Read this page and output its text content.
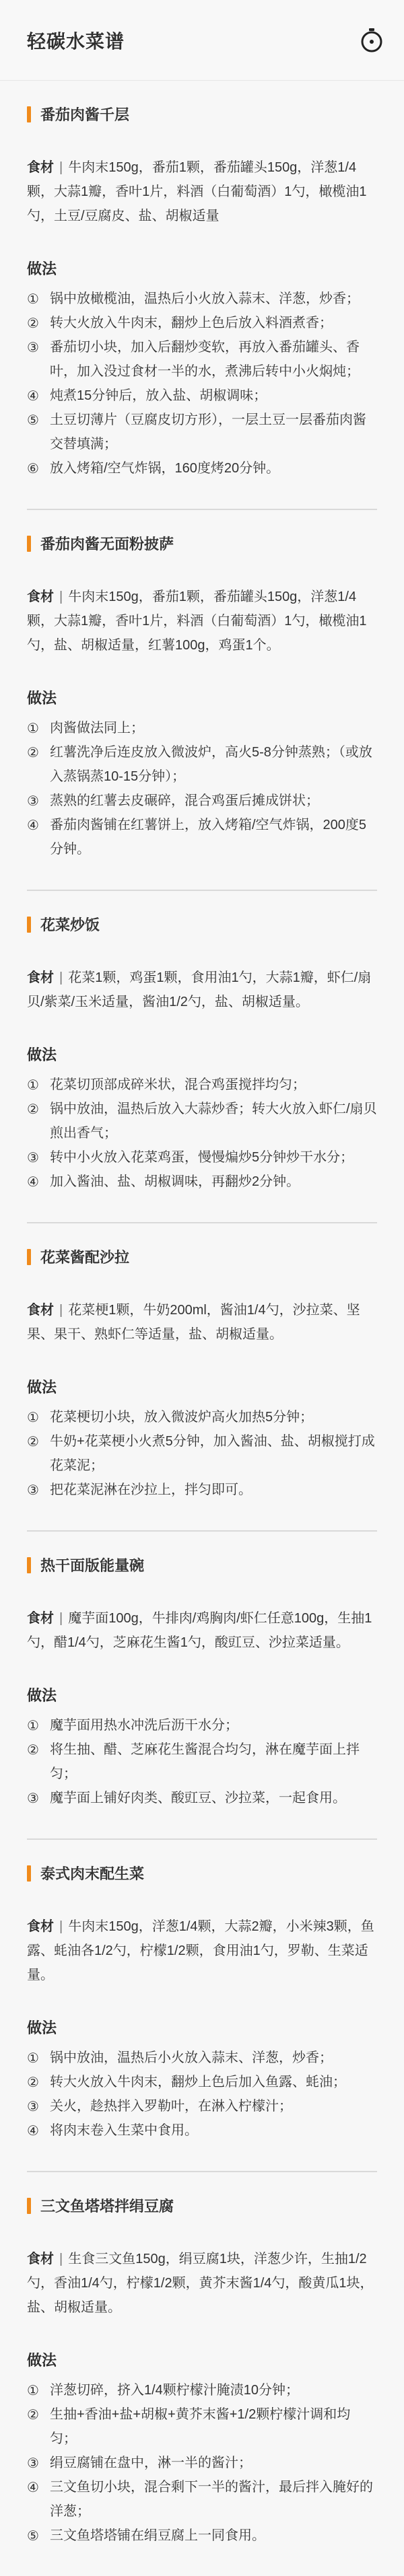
轻碳水菜谱
番茄肉酱千层

食材 | 牛肉末150g，番茄1颗，番茄罐头150g，洋葱1/4颗，大蒜1瓣，香叶1片，料酒（白葡萄酒）1勺，橄榄油1勺，土豆/豆腐皮、盐、胡椒适量

做法
① 锅中放橄榄油，温热后小火放入蒜末、洋葱，炒香；
② 转大火放入牛肉末，翻炒上色后放入料酒煮香；
③ 番茄切小块，加入后翻炒变软，再放入番茄罐头、香叶，加入没过食材一半的水，煮沸后转中小火焖炖；
④ 炖煮15分钟后，放入盐、胡椒调味；
⑤ 土豆切薄片（豆腐皮切方形），一层土豆一层番茄肉酱交替填满；
⑥ 放入烤箱/空气炸锅，160度烤20分钟。
番茄肉酱无面粉披萨

食材 | 牛肉末150g，番茄1颗，番茄罐头150g，洋葱1/4颗，大蒜1瓣，香叶1片，料酒（白葡萄酒）1勺，橄榄油1勺，盐、胡椒适量，红薯100g，鸡蛋1个。

做法
① 肉酱做法同上；
② 红薯洗净后连皮放入微波炉，高火5-8分钟蒸熟；（或放入蒸锅蒸10-15分钟）；
③ 蒸熟的红薯去皮碾碎，混合鸡蛋后摊成饼状；
④ 番茄肉酱铺在红薯饼上，放入烤箱/空气炸锅，200度5分钟。
花菜炒饭

食材 | 花菜1颗，鸡蛋1颗，食用油1勺，大蒜1瓣，虾仁/扇贝/紫菜/玉米适量，酱油1/2勺，盐、胡椒适量。

做法
① 花菜切顶部成碎米状，混合鸡蛋搅拌均匀；
② 锅中放油，温热后放入大蒜炒香；转大火放入虾仁/扇贝煎出香气；
③ 转中小火放入花菜鸡蛋，慢慢煸炒5分钟炒干水分；
④ 加入酱油、盐、胡椒调味，再翻炒2分钟。
花菜酱配沙拉

食材 | 花菜梗1颗，牛奶200ml，酱油1/4勺，沙拉菜、坚果、果干、熟虾仁等适量，盐、胡椒适量。

做法
① 花菜梗切小块，放入微波炉高火加热5分钟；
② 牛奶+花菜梗小火煮5分钟，加入酱油、盐、胡椒搅打成花菜泥；
③ 把花菜泥淋在沙拉上，拌匀即可。
热干面版能量碗

食材 | 魔芋面100g，牛排肉/鸡胸肉/虾仁任意100g，生抽1勺，醋1/4勺，芝麻花生酱1勺，酸豇豆、沙拉菜适量。

做法
① 魔芋面用热水冲洗后沥干水分；
② 将生抽、醋、芝麻花生酱混合均匀，淋在魔芋面上拌匀；
③ 魔芋面上铺好肉类、酸豇豆、沙拉菜，一起食用。
泰式肉末配生菜

食材 | 牛肉末150g，洋葱1/4颗，大蒜2瓣，小米辣3颗，鱼露、蚝油各1/2勺，柠檬1/2颗，食用油1勺，罗勒、生菜适量。

做法
① 锅中放油，温热后小火放入蒜末、洋葱，炒香；
② 转大火放入牛肉末，翻炒上色后加入鱼露、蚝油；
③ 关火，趁热拌入罗勒叶，在淋入柠檬汁；
④ 将肉末卷入生菜中食用。
三文鱼塔塔拌绢豆腐

食材 | 生食三文鱼150g，绢豆腐1块，洋葱少许，生抽1/2勺，香油1/4勺，柠檬1/2颗，黄芥末酱1/4勺，酸黄瓜1块，盐、胡椒适量。

做法
① 洋葱切碎，挤入1/4颗柠檬汁腌渍10分钟；
② 生抽+香油+盐+胡椒+黄芥末酱+1/2颗柠檬汁调和均匀；
③ 绢豆腐铺在盘中，淋一半的酱汁；
④ 三文鱼切小块，混合剩下一半的酱汁，最后拌入腌好的洋葱；
⑤ 三文鱼塔塔铺在绢豆腐上一同食用。
